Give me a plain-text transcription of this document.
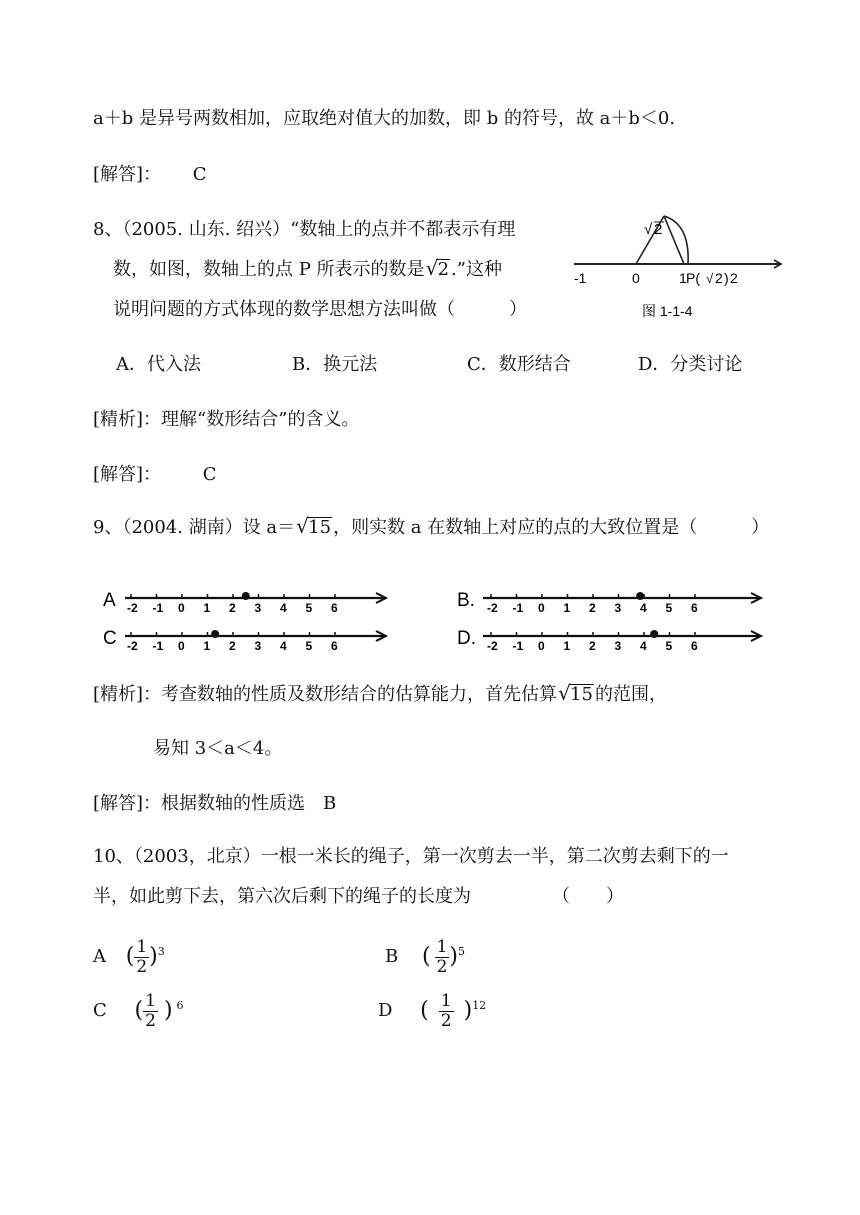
a＋b 是异号两数相加，应取绝对值大的加数，即 b 的符号，故 a＋b＜0.
[解答]： C
8、（2005. 山东. 绍兴）“数轴上的点并不都表示有理
数，如图，数轴上的点 P 所表示的数是 √ 2 .”这种
说明问题的方式体现的数学思想方法叫做（　　　）
√ 2
-1	0	1 P( √ 2 ) 2
图 1-1-4
A．代入法	B．换元法	C．数形结合	D．分类讨论
[精析]：理解“数形结合”的含义。
[解答]： C
9、（2004. 湖南）设 a＝ √ 15 ，则实数 a 在数轴上对应的点的大致位置是（　　　）
A -2 -1 0 1 2 3 4 5 6	B. -2 -1 0 1 2 3 4 5 6
C -2 -1 0 1 2 3 4 5 6	D. -2 -1 0 1 2 3 4 5 6
[精析]：考查数轴的性质及数形结合的估算能力，首先估算 √ 15 的范围，
易知 3＜a＜4。
[解答]：根据数轴的性质选　B
10、（2003，北京）一根一米长的绳子，第一次剪去一半，第二次剪去剩下的一
半，如此剪下去，第六次后剩下的绳子的长度为　　　　　（　　）
A ( $\frac{1}{2} )^3$	B ( $\frac{1}{2} )^5$
C ( $\frac{1}{2}$ ) $^6$	D ( $\frac{1}{2} )^{12}$
